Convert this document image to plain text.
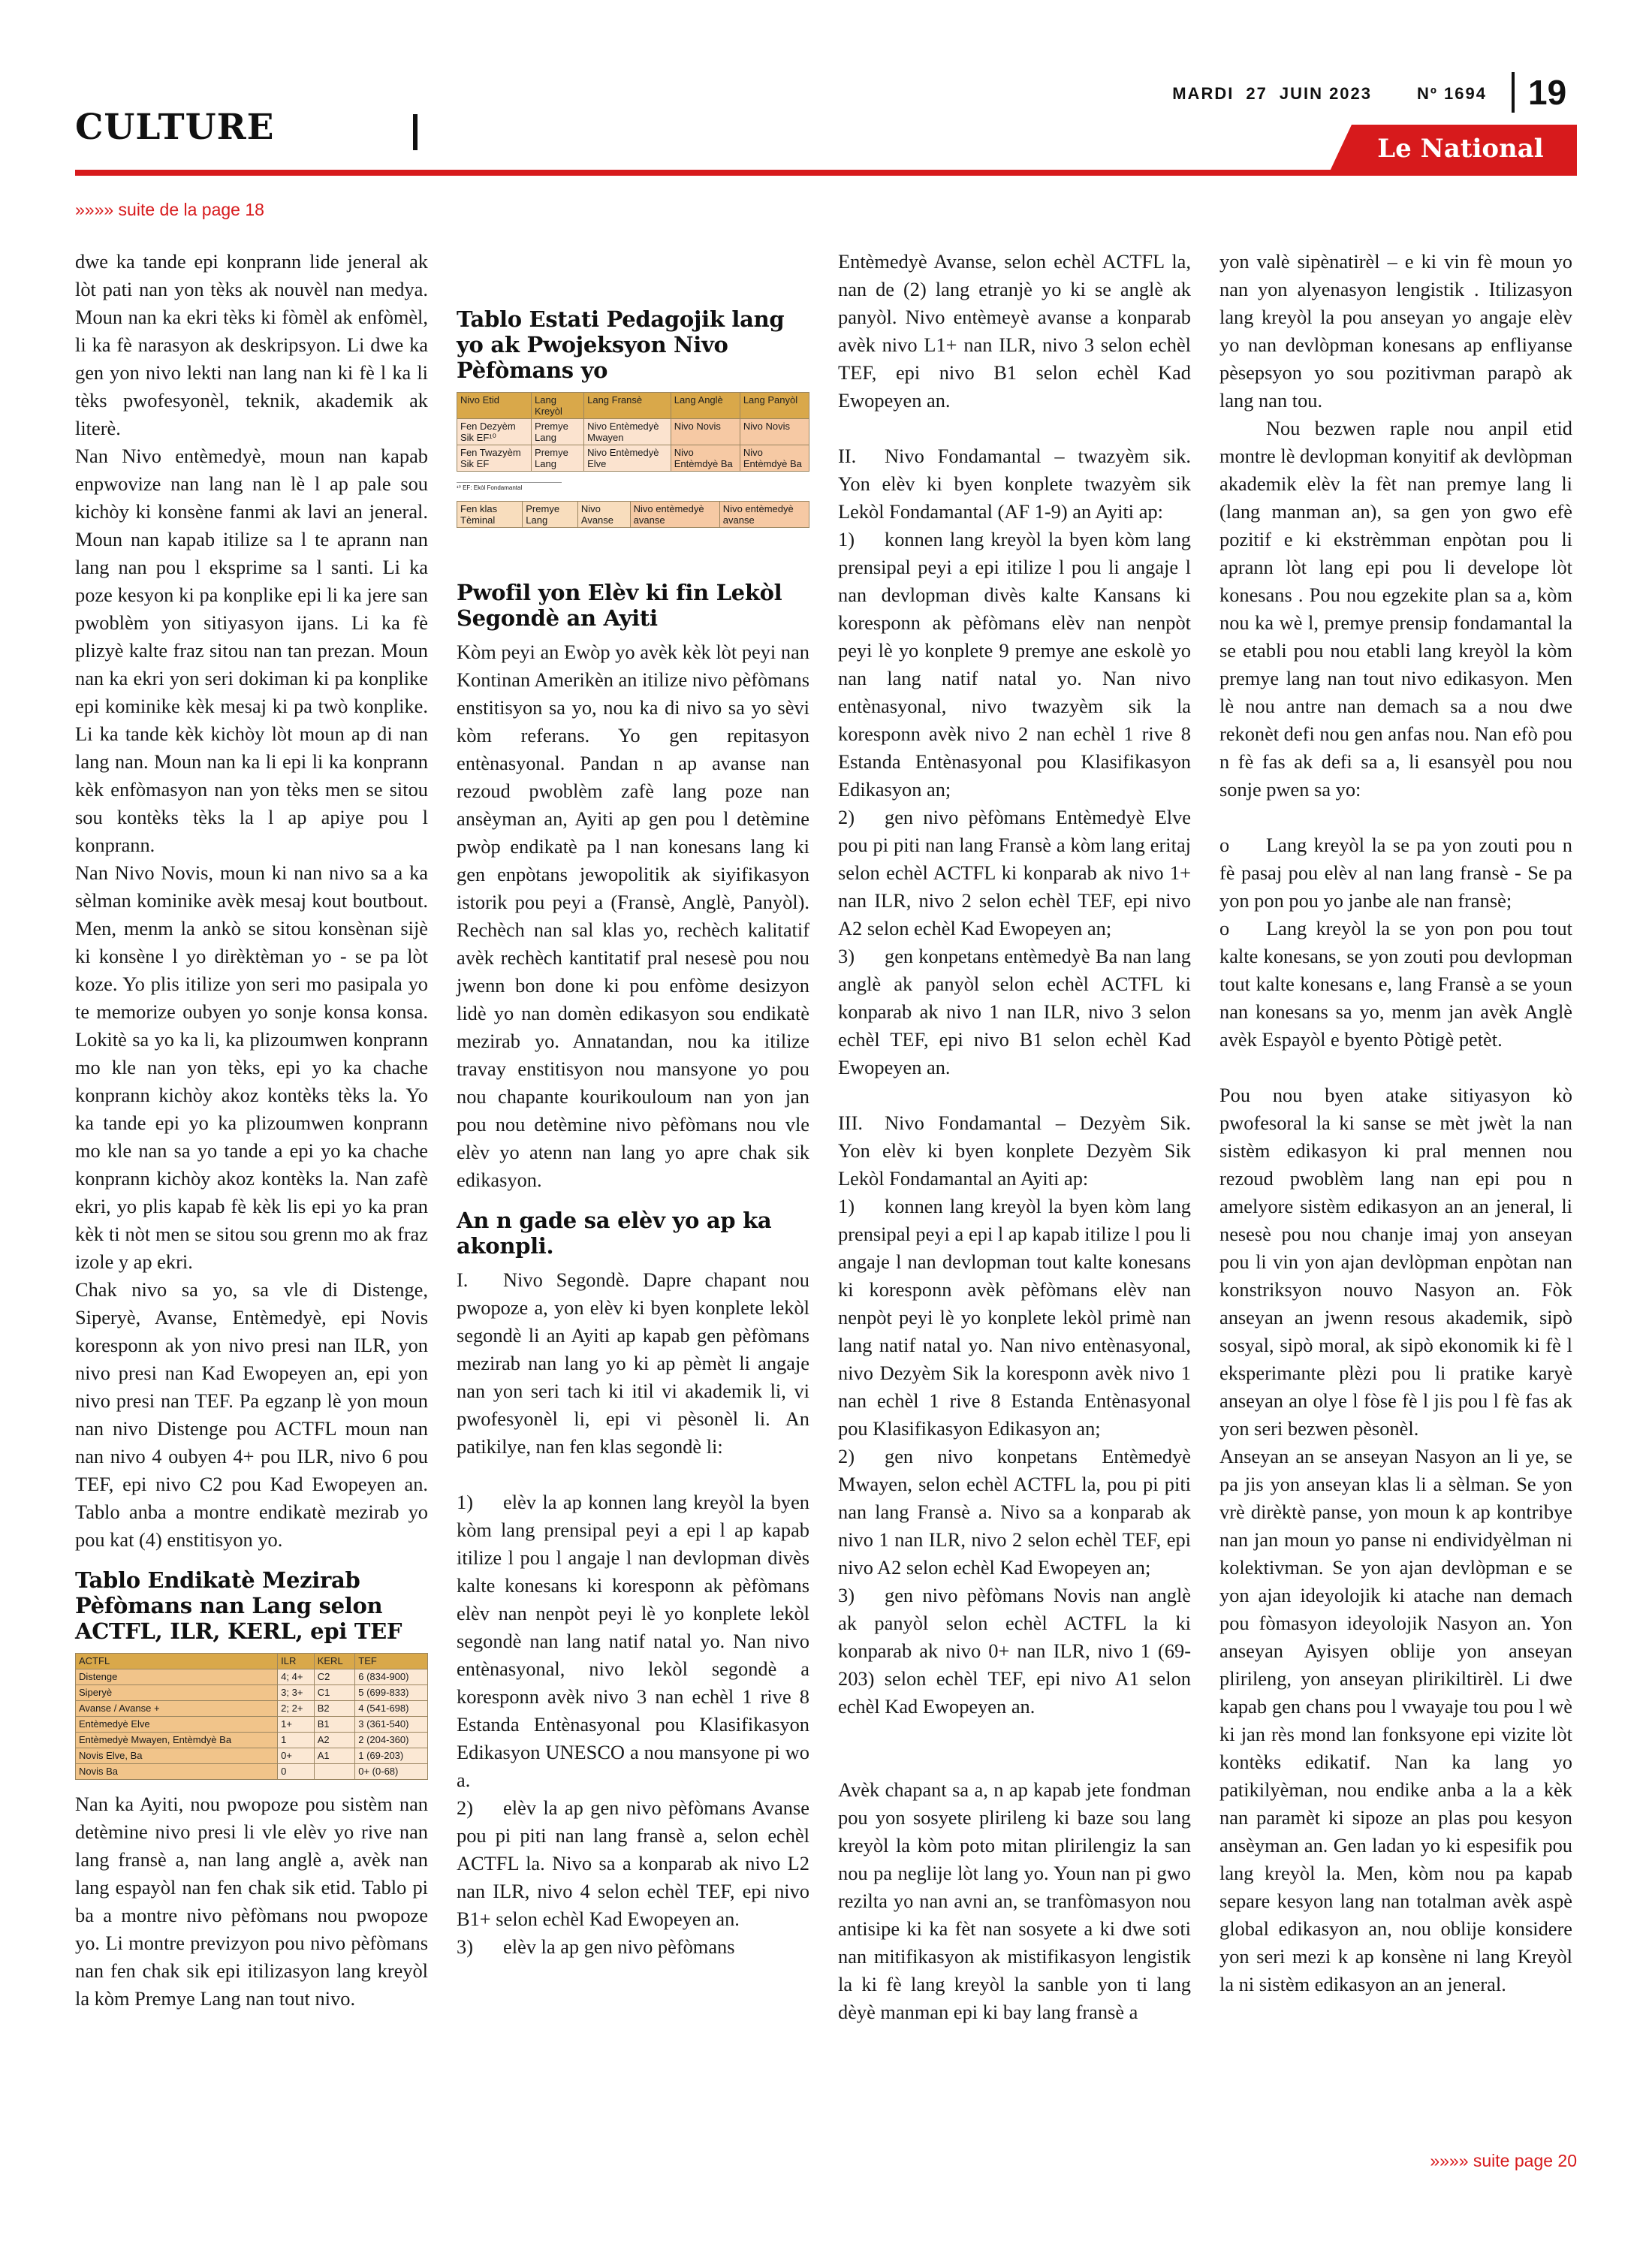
CULTURE
MARDI 27 JUIN 2023	Nº 1694 19
Le National
»»»» suite de la page 18

dwe ka tande epi konprann lide jeneral ak lòt pati nan yon tèks ak nouvèl nan medya. Moun nan ka ekri tèks ki fòmèl ak enfòmèl, li ka fè narasyon ak deskripsyon. Li dwe ka gen yon nivo lekti nan lang nan ki fè l ka li tèks pwofesyonèl, teknik, akademik ak literè.

Nan Nivo entèmedyè, moun nan kapab enpwovize nan lang nan lè l ap pale sou kichòy ki konsène fanmi ak lavi an jeneral. Moun nan kapab itilize sa l te aprann nan lang nan pou l eksprime sa l santi. Li ka poze kesyon ki pa konplike epi li ka jere san pwoblèm yon sitiyasyon ijans. Li ka fè plizyè kalte fraz sitou nan tan prezan. Moun nan ka ekri yon seri dokiman ki pa konplike epi kominike kèk mesaj ki pa twò konplike. Li ka tande kèk kichòy lòt moun ap di nan lang nan. Moun nan ka li epi li ka konprann kèk enfòmasyon nan yon tèks men se sitou sou kontèks tèks la l ap apiye pou l konprann.

Nan Nivo Novis, moun ki nan nivo sa a ka sèlman kominike avèk mesaj kout boutbout. Men, menm la ankò se sitou konsènan sijè ki konsène l yo dirèktèman yo - se pa lòt koze. Yo plis itilize yon seri mo pasipala yo te memorize oubyen yo sonje konsa konsa. Lokitè sa yo ka li, ka plizoumwen konprann mo kle nan yon tèks, epi yo ka chache konprann kichòy akoz kontèks tèks la. Yo ka tande epi yo ka plizoumwen konprann mo kle nan sa yo tande a epi yo ka chache konprann kichòy akoz kontèks la. Nan zafè ekri, yo plis kapab fè kèk lis epi yo ka pran kèk ti nòt men se sitou sou grenn mo ak fraz izole y ap ekri.

Chak nivo sa yo, sa vle di Distenge, Siperyè, Avanse, Entèmedyè, epi Novis koresponn ak yon nivo presi nan ILR, yon nivo presi nan Kad Ewopeyen an, epi yon nivo presi nan TEF. Pa egzanp lè yon moun nan nivo Distenge pou ACTFL moun nan nan nivo 4 oubyen 4+ pou ILR, nivo 6 pou TEF, epi nivo C2 pou Kad Ewopeyen an. Tablo anba a montre endikatè mezirab yo pou kat (4) enstitisyon yo.

Tablo Endikatè Mezirab Pèfòmans nan Lang selon ACTFL, ILR, KERL, epi TEF
ACTFL	ILR	KERL	TEF
Distenge	4; 4+	C2	6 (834-900)
Siperyè	3; 3+	C1	5 (699-833)
Avanse / Avanse +	2; 2+	B2	4 (541-698)
Entèmedyè Elve	1+	B1	3 (361-540)
Entèmedyè Mwayen, Entèmdyè Ba	1	A2	2 (204-360)
Novis Elve, Ba	0+	A1	1 (69-203)
Novis Ba	0		0+ (0-68)

Nan ka Ayiti, nou pwopoze pou sistèm nan detèmine nivo presi li vle elèv yo rive nan lang fransè a, nan lang anglè a, avèk nan lang espayòl nan fen chak sik etid. Tablo pi ba a montre nivo pèfòmans nou pwopoze yo. Li montre previzyon pou nivo pèfòmans nan fen chak sik epi itilizasyon lang kreyòl la kòm Premye Lang nan tout nivo.

Tablo Estati Pedagojik lang yo ak Pwojeksyon Nivo Pèfòmans yo
Nivo Etid	Lang Kreyòl	Lang Fransè	Lang Anglè	Lang Panyòl
Fen Dezyèm Sik EF¹⁰	Premye Lang	Nivo Entèmedyè Mwayen	Nivo Novis	Nivo Novis
Fen Twazyèm Sik EF	Premye Lang	Nivo Entèmedyè Elve	Nivo Entèmdyè Ba	Nivo Entèmdyè Ba
¹⁰ EF: Ekòl Fondamantal
Fen klas Tèminal	Premye Lang	Nivo Avanse	Nivo entèmedyè avanse	Nivo entèmedyè avanse
Pwofil yon Elèv ki fin Lekòl Segondè an Ayiti

Kòm peyi an Ewòp yo avèk kèk lòt peyi nan Kontinan Amerikèn an itilize nivo pèfòmans enstitisyon sa yo, nou ka di nivo sa yo sèvi kòm referans. Yo gen repitasyon entènasyonal. Pandan n ap avanse nan rezoud pwoblèm zafè lang poze nan ansèyman an, Ayiti ap gen pou l detèmine pwòp endikatè pa l nan konesans lang ki gen enpòtans jewopolitik ak siyifikasyon istorik pou peyi a (Fransè, Anglè, Panyòl). Rechèch nan sal klas yo, rechèch kalitatif avèk rechèch kantitatif pral nesesè pou nou jwenn bon done ki pou enfòme desizyon lidè yo nan domèn edikasyon sou endikatè mezirab yo. Annatandan, nou ka itilize travay enstitisyon nou mansyone yo pou nou chapante kourikouloum nan yon jan pou nou detèmine nivo pèfòmans nou vle elèv yo atenn nan lang yo apre chak sik edikasyon.

An n gade sa elèv yo ap ka akonpli.

I. Nivo Segondè. Dapre chapant nou pwopoze a, yon elèv ki byen konplete lekòl segondè li an Ayiti ap kapab gen pèfòmans mezirab nan lang yo ki ap pèmèt li angaje nan yon seri tach ki itil vi akademik li, vi pwofesyonèl li, epi vi pèsonèl li. An patikilye, nan fen klas segondè li:

1) elèv la ap konnen lang kreyòl la byen kòm lang prensipal peyi a epi l ap kapab itilize l pou l angaje l nan devlopman divès kalte konesans ki koresponn ak pèfòmans elèv nan nenpòt peyi lè yo konplete lekòl segondè nan lang natif natal yo. Nan nivo entènasyonal, nivo lekòl segondè a koresponn avèk nivo 3 nan echèl 1 rive 8 Estanda Entènasyonal pou Klasifikasyon Edikasyon UNESCO a nou mansyone pi wo a.

2) elèv la ap gen nivo pèfòmans Avanse pou pi piti nan lang fransè a, selon echèl ACTFL la. Nivo sa a konparab ak nivo L2 nan ILR, nivo 4 selon echèl TEF, epi nivo B1+ selon echèl Kad Ewopeyen an.

3) elèv la ap gen nivo pèfòmans

Entèmedyè Avanse, selon echèl ACTFL la, nan de (2) lang etranjè yo ki se anglè ak panyòl. Nivo entèmeyè avanse a konparab avèk nivo L1+ nan ILR, nivo 3 selon echèl TEF, epi nivo B1 selon echèl Kad Ewopeyen an.

II. Nivo Fondamantal – twazyèm sik. Yon elèv ki byen konplete twazyèm sik Lekòl Fondamantal (AF 1-9) an Ayiti ap:

1) konnen lang kreyòl la byen kòm lang prensipal peyi a epi itilize l pou li angaje l nan devlopman divès kalte Kansans ki koresponn ak pèfòmans elèv nan nenpòt peyi lè yo konplete 9 premye ane eskolè yo nan lang natif natal yo. Nan nivo entènasyonal, nivo twazyèm sik la koresponn avèk nivo 2 nan echèl 1 rive 8 Estanda Entènasyonal pou Klasifikasyon Edikasyon an;

2) gen nivo pèfòmans Entèmedyè Elve pou pi piti nan lang Fransè a kòm lang eritaj selon echèl ACTFL ki konparab ak nivo 1+ nan ILR, nivo 2 selon echèl TEF, epi nivo A2 selon echèl Kad Ewopeyen an;

3) gen konpetans entèmedyè Ba nan lang anglè ak panyòl selon echèl ACTFL ki konparab ak nivo 1 nan ILR, nivo 3 selon echèl TEF, epi nivo B1 selon echèl Kad Ewopeyen an.

III. Nivo Fondamantal – Dezyèm Sik. Yon elèv ki byen konplete Dezyèm Sik Lekòl Fondamantal an Ayiti ap:

1) konnen lang kreyòl la byen kòm lang prensipal peyi a epi l ap kapab itilize l pou li angaje l nan devlopman tout kalte konesans ki koresponn avèk pèfòmans elèv nan nenpòt peyi lè yo konplete lekòl primè nan lang natif natal yo. Nan nivo entènasyonal, nivo Dezyèm Sik la koresponn avèk nivo 1 nan echèl 1 rive 8 Estanda Entènasyonal pou Klasifikasyon Edikasyon an;

2) gen nivo konpetans Entèmedyè Mwayen, selon echèl ACTFL la, pou pi piti nan lang Fransè a. Nivo sa a konparab ak nivo 1 nan ILR, nivo 2 selon echèl TEF, epi nivo A2 selon echèl Kad Ewopeyen an;

3) gen nivo pèfòmans Novis nan anglè ak panyòl selon echèl ACTFL la ki konparab ak nivo 0+ nan ILR, nivo 1 (69-203) selon echèl TEF, epi nivo A1 selon echèl Kad Ewopeyen an.

Avèk chapant sa a, n ap kapab jete fondman pou yon sosyete plirileng ki baze sou lang kreyòl la kòm poto mitan plirilengiz la san nou pa neglije lòt lang yo. Youn nan pi gwo rezilta yo nan avni an, se tranfòmasyon nou antisipe ki ka fèt nan sosyete a ki dwe soti nan mitifikasyon ak mistifikasyon lengistik la ki fè lang kreyòl la sanble yon ti lang dèyè manman epi ki bay lang fransè a

yon valè sipènatirèl – e ki vin fè moun yo nan yon alyenasyon lengistik . Itilizasyon lang kreyòl la pou anseyan yo angaje elèv yo nan devlòpman konesans ap enfliyanse pèsepsyon yo sou pozitivman parapò ak lang nan tou.

Nou bezwen raple nou anpil etid montre lè devlopman konyitif ak devlòpman akademik elèv la fèt nan premye lang li (lang manman an), sa gen yon gwo efè pozitif e ki ekstrèmman enpòtan pou li aprann lòt lang epi pou li develope lòt konesans . Pou nou egzekite plan sa a, kòm nou ka wè l, premye prensip fondamantal la se etabli pou nou etabli lang kreyòl la kòm premye lang nan tout nivo edikasyon. Men lè nou antre nan demach sa a nou dwe rekonèt defi nou gen anfas nou. Nan efò pou n fè fas ak defi sa a, li esansyèl pou nou sonje pwen sa yo:

o Lang kreyòl la se pa yon zouti pou n fè pasaj pou elèv al nan lang fransè - Se pa yon pon pou yo janbe ale nan fransè;

o Lang kreyòl la se yon pon pou tout kalte konesans, se yon zouti pou devlopman tout kalte konesans e, lang Fransè a se youn nan konesans sa yo, menm jan avèk Anglè avèk Espayòl e byento Pòtigè petèt.

Pou nou byen atake sitiyasyon kò pwofesoral la ki sanse se mèt jwèt la nan sistèm edikasyon ki pral mennen nou rezoud pwoblèm lang nan epi pou n amelyore sistèm edikasyon an an jeneral, li nesesè pou nou chanje imaj yon anseyan pou li vin yon ajan devlòpman enpòtan nan konstriksyon nouvo Nasyon an. Fòk anseyan an jwenn resous akademik, sipò sosyal, sipò moral, ak sipò ekonomik ki fè l eksperimante plèzi pou li pratike karyè anseyan an olye l fòse fè l jis pou l fè fas ak yon seri bezwen pèsonèl.

Anseyan an se anseyan Nasyon an li ye, se pa jis yon anseyan klas li a sèlman. Se yon vrè dirèktè panse, yon moun k ap kontribye nan jan moun yo panse ni endividyèlman ni kolektivman. Se yon ajan devlòpman e se yon ajan ideyolojik ki atache nan demach pou fòmasyon ideyolojik Nasyon an. Yon anseyan Ayisyen oblije yon anseyan plirileng, yon anseyan plirikiltirèl. Li dwe kapab gen chans pou l vwayaje tou pou l wè ki jan rès mond lan fonksyone epi vizite lòt kontèks edikatif. Nan ka lang yo patikilyèman, nou endike anba a la a kèk nan paramèt ki sipoze an plas pou kesyon ansèyman an. Gen ladan yo ki espesifik pou lang kreyòl la. Men, kòm nou pa kapab separe kesyon lang nan totalman avèk aspè global edikasyon an, nou oblije konsidere yon seri mezi k ap konsène ni lang Kreyòl la ni sistèm edikasyon an an jeneral.

»»»» suite page 20
